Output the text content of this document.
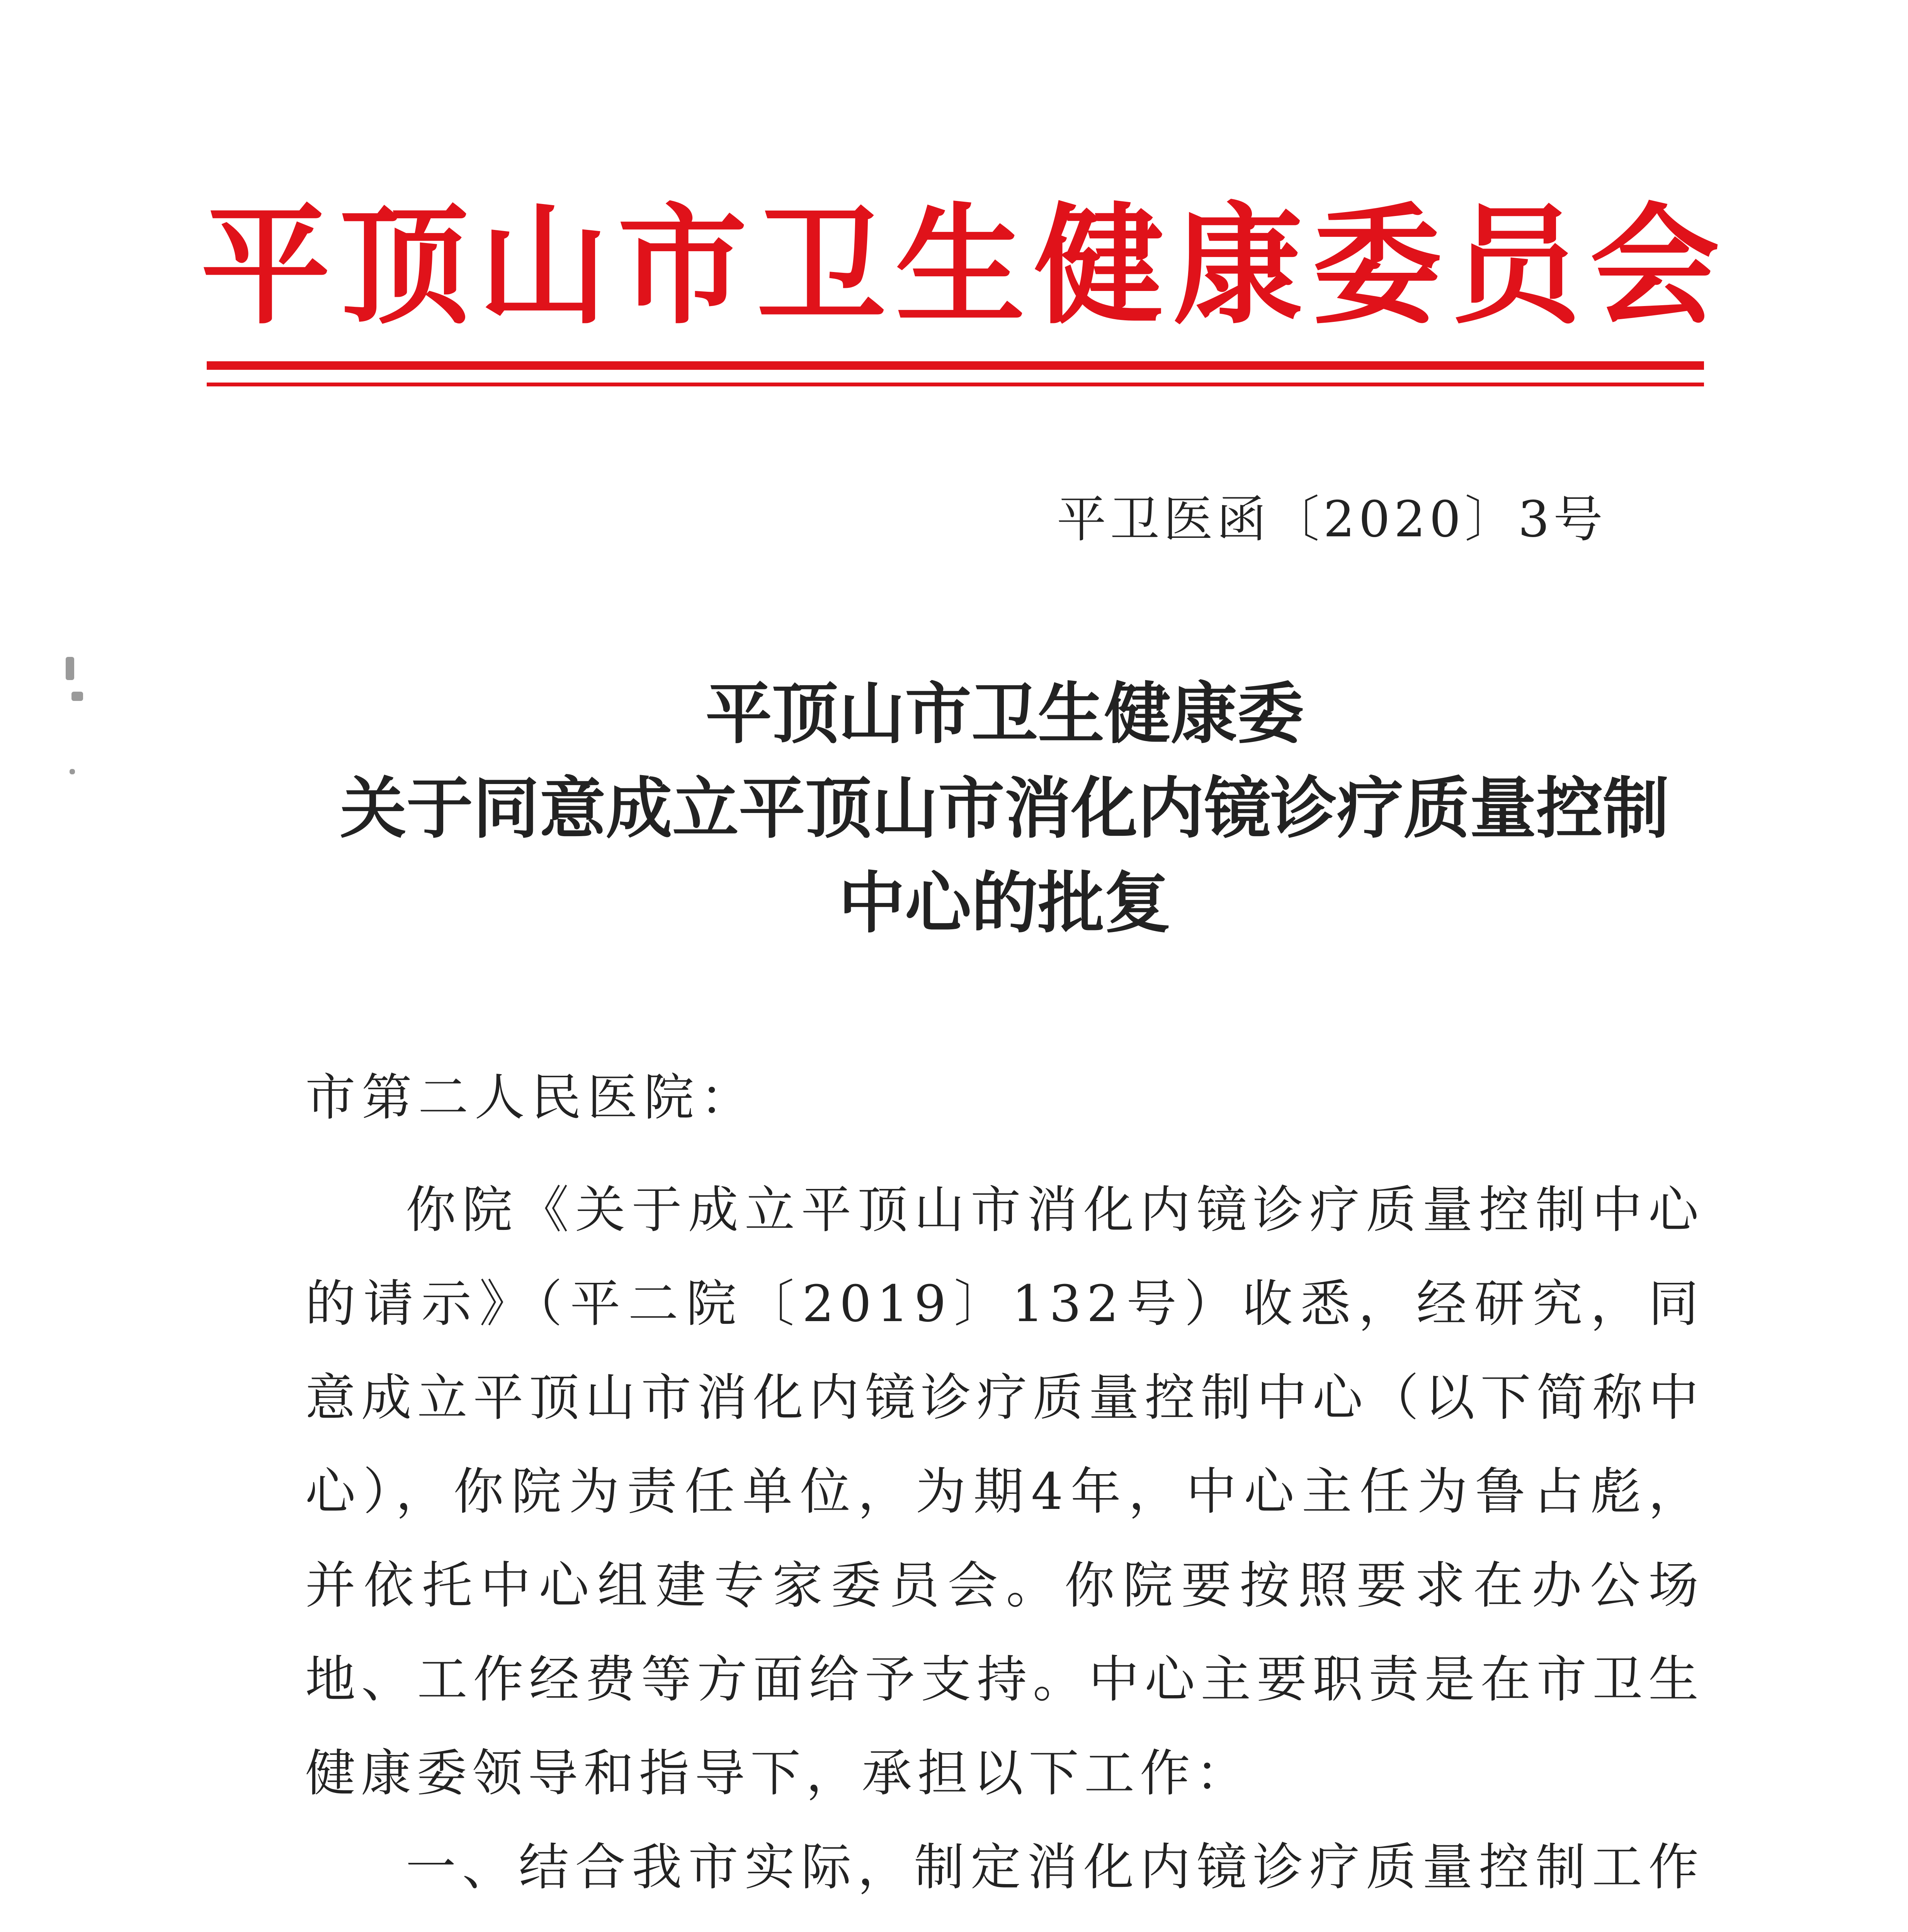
平顶山市卫生健康委员会
平卫医函〔2020〕3号
平顶山市卫生健康委
关于同意成立平顶山市消化内镜诊疗质量控制
中心的批复
市第二人民医院：

你院《关于成立平顶山市消化内镜诊疗质量控制中心的请示》（平二院〔2019〕132号）收悉，经研究，同意成立平顶山市消化内镜诊疗质量控制中心（以下简称中心），你院为责任单位，为期4年，中心主任为鲁占彪，并依托中心组建专家委员会。你院要按照要求在办公场地、工作经费等方面给予支持。中心主要职责是在市卫生健康委领导和指导下，承担以下工作：

一、结合我市实际，制定消化内镜诊疗质量控制工作
